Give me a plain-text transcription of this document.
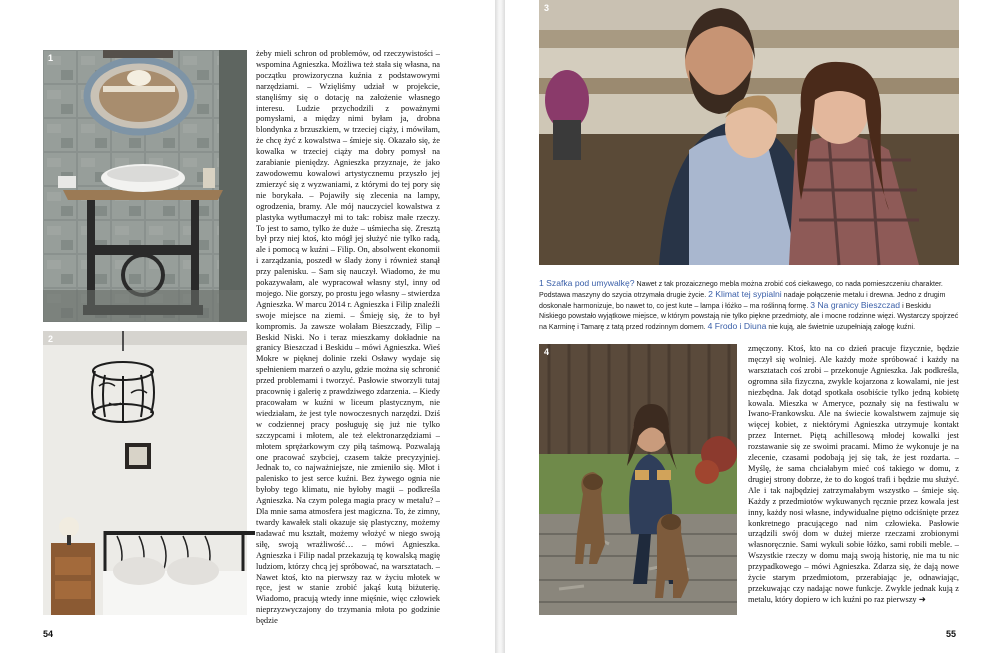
1
2

żeby mieli schron od problemów, od rzeczywistości – wspomina Agnieszka. Możliwa też stała się własna, na początku prowizoryczna kuźnia z podstawowymi narzędziami. – Wzięliśmy udział w projekcie, stanęliśmy się o dotację na założenie własnego interesu. Ludzie przychodzili z poważnymi pomysłami, a między nimi byłam ja, drobna blondynka z brzuszkiem, w trzeciej ciąży, i mówiłam, że chcę żyć z kowalstwa – śmieje się. Okazało się, że kowalka w trzeciej ciąży ma dobry pomysł na zarabianie pieniędzy. Agnieszka przyznaje, że jako zawodowemu kowalowi artystycznemu przyszło jej zmierzyć się z wyzwaniami, z którymi do tej pory się nie borykała. – Pojawiły się zlecenia na lampy, ogrodzenia, bramy. Ale mój nauczyciel kowalstwa z plastyka wytłumaczył mi to tak: robisz małe rzeczy. To jest to samo, tylko że duże – uśmiecha się. Zresztą był przy niej ktoś, kto mógł jej służyć nie tylko radą, ale i pomocą w kuźni – Filip. On, absolwent ekonomii i zarządzania, poszedł w ślady żony i również stanął przy palenisku. – Sam się nauczył. Wiadomo, że mu pokazywałam, ale wypracował własny styl, inny od mojego. Nie gorszy, po prostu jego własny – stwierdza Agnieszka. W marcu 2014 r. Agnieszka i Filip znaleźli swoje miejsce na ziemi. – Śmieję się, że to był kompromis. Ja zawsze wolałam Bieszczady, Filip – Beskid Niski. No i teraz mieszkamy dokładnie na granicy Bieszczad i Beskidu – mówi Agnieszka. Wieś Mokre w pięknej dolinie rzeki Osławy wydaje się spełnieniem marzeń o azylu, gdzie można się schronić przed problemami i tworzyć. Pasłowie stworzyli tutaj pracownię i galerię z prawdziwego zdarzenia. – Kiedy pracowałam w kuźni w liceum plastycznym, nie wiedziałam, że jest tyle nowoczesnych narzędzi. Dziś w codziennej pracy posługuję się już nie tylko szczypcami i młotem, ale też elektronarzędziami – młotem sprężarkowym czy piłą taśmową. Pozwalają one pracować szybciej, czasem także precyzyjniej. Jednak to, co najważniejsze, nie zmieniło się. Młot i palenisko to jest serce kuźni. Bez żywego ognia nie byłoby tego klimatu, nie byłoby magii – podkreśla Agnieszka. Na czym polega magia pracy w metalu? – Dla mnie sama atmosfera jest magiczna. To, że zimny, twardy kawałek stali okazuje się plastyczny, możemy nadawać mu kształt, możemy włożyć w niego swoją siłę, swoją wrażliwość… – mówi Agnieszka. Agnieszka i Filip nadal przekazują tę kowalską magię ludziom, którzy chcą jej spróbować, na warsztatach. – Nawet ktoś, kto na pierwszy raz w życiu młotek w ręce, jest w stanie zrobić jakąś kutą biżuterię. Wiadomo, pracują wtedy inne mięśnie, więc człowiek nieprzyzwyczajony do trzymania młota po godzinie będzie

54
3
1 Szafka pod umywalkę? Nawet z tak prozaicznego mebla można zrobić coś ciekawego, co nada pomieszczeniu charakter. Podstawa maszyny do szycia otrzymała drugie życie. 2 Klimat tej sypialni nadaje połączenie metalu i drewna. Jedno z drugim doskonale harmonizuje, bo nawet to, co jest kute – lampa i łóżko – ma roślinną formę. 3 Na granicy Bieszczad i Beskidu Niskiego powstało wyjątkowe miejsce, w którym powstają nie tylko piękne przedmioty, ale i mocne rodzinne więzi. Wystarczy spojrzeć na Karminę i Tamarę z tatą przed rodzinnym domem. 4 Frodo i Diuna nie kują, ale świetnie uzupełniają załogę kuźni.
4	zmęczony. Ktoś, kto na co dzień pracuje fizycznie, będzie męczył się wolniej. Ale każdy może spróbować i każdy na warsztatach coś zrobi – przekonuje Agnieszka. Jak podkreśla, ogromna siła fizyczna, zwykle kojarzona z kowalami, nie jest niezbędna. Jak dotąd spotkała osobiście tylko jedną kobietę kowala. Mieszka w Ameryce, poznały się na festiwalu w Iwano-Frankowsku. Ale na świecie kowalstwem zajmuje się więcej kobiet, z niektórymi Agnieszka utrzymuje kontakt przez Internet. Piętą achillesową młodej kowalki jest rozstawanie się ze swoimi pracami. Mimo że wykonuje je na zlecenie, czasami podobają jej się tak, że jest rozdarta. – Myślę, że sama chciałabym mieć coś takiego w domu, z drugiej strony dobrze, że to do kogoś trafi i będzie mu służyć. Ale i tak najbędziej zatrzymałabym wszystko – śmieje się. Każdy z przedmiotów wykuwanych ręcznie przez kowala jest inny, każdy nosi własne, indywidualne piętno odciśnięte przez konkretnego pracującego nad nim człowieka. Pasłowie urządzili swój dom w dużej mierze rzeczami zrobionymi własnoręcznie. Sami wykuli sobie łóżko, sami robili meble. – Wszystkie rzeczy w domu mają swoją historię, nie ma tu nic przypadkowego – mówi Agnieszka. Zdarza się, że dają nowe życie starym przedmiotom, przerabiając je, odnawiając, przekuwając czy nadając nowe funkcje. Zwykle jednak kują z metalu, który dopiero w ich kuźni po raz pierwszy ➜

55
